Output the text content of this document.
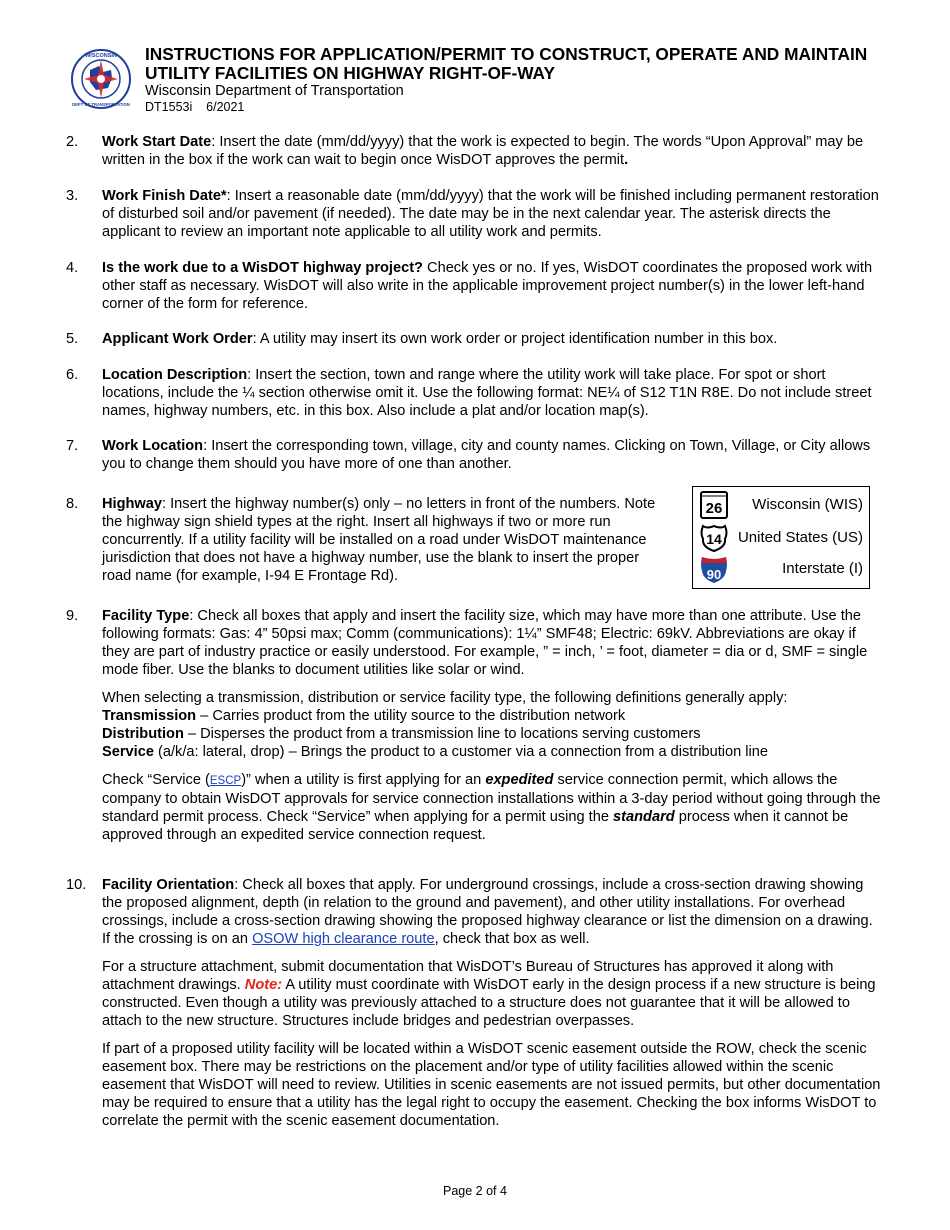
WISCONSIN
DEPT OF TRANSPORTATION
INSTRUCTIONS FOR APPLICATION/PERMIT TO CONSTRUCT, OPERATE AND MAINTAIN
UTILITY FACILITIES ON HIGHWAY RIGHT-OF-WAY
Wisconsin Department of Transportation
DT1553i    6/2021
2. Work Start Date: Insert the date (mm/dd/yyyy) that the work is expected to begin. The words “Upon Approval” may be written in the box if the work can wait to begin once WisDOT approves the permit.

3. Work Finish Date*: Insert a reasonable date (mm/dd/yyyy) that the work will be finished including permanent restoration of disturbed soil and/or pavement (if needed). The date may be in the next calendar year. The asterisk directs the applicant to review an important note applicable to all utility work and permits.

4. Is the work due to a WisDOT highway project? Check yes or no. If yes, WisDOT coordinates the proposed work with other staff as necessary. WisDOT will also write in the applicable improvement project number(s) in the lower left-hand corner of the form for reference.

5. Applicant Work Order: A utility may insert its own work order or project identification number in this box.

6. Location Description: Insert the section, town and range where the utility work will take place. For spot or short locations, include the ¼ section otherwise omit it. Use the following format: NE¼ of S12 T1N R8E. Do not include street names, highway numbers, etc. in this box. Also include a plat and/or location map(s).

7. Work Location: Insert the corresponding town, village, city and county names. Clicking on Town, Village, or City allows you to change them should you have more of one than another.

8. Highway: Insert the highway number(s) only – no letters in front of the numbers. Note the highway sign shield types at the right. Insert all highways if two or more run concurrently. If a utility facility will be installed on a road under WisDOT maintenance jurisdiction that does not have a highway number, use the blank to insert the proper road name (for example, I-94 E Frontage Rd).

26 Wisconsin (WIS)
14 United States (US)
90	Interstate (I)
9. Facility Type: Check all boxes that apply and insert the facility size, which may have more than one attribute. Use the following formats: Gas: 4” 50psi max; Comm (communications): 1¼” SMF48; Electric: 69kV. Abbreviations are okay if they are part of industry practice or easily understood. For example, ” = inch, ’ = foot, diameter = dia or d, SMF = single mode fiber. Use the blanks to document utilities like solar or wind.

When selecting a transmission, distribution or service facility type, the following definitions generally apply:

Transmission – Carries product from the utility source to the distribution network

Distribution – Disperses the product from a transmission line to locations serving customers

Service (a/k/a: lateral, drop) – Brings the product to a customer via a connection from a distribution line

Check “Service (ESCP)” when a utility is first applying for an expedited service connection permit, which allows the company to obtain WisDOT approvals for service connection installations within a 3-day period without going through the standard permit process. Check “Service” when applying for a permit using the standard process when it cannot be approved through an expedited service connection request.

10. Facility Orientation: Check all boxes that apply. For underground crossings, include a cross-section drawing showing the proposed alignment, depth (in relation to the ground and pavement), and other utility installations. For overhead crossings, include a cross-section drawing showing the proposed highway clearance or list the dimension on a drawing. If the crossing is on an OSOW high clearance route, check that box as well.

For a structure attachment, submit documentation that WisDOT’s Bureau of Structures has approved it along with attachment drawings. Note: A utility must coordinate with WisDOT early in the design process if a new structure is being constructed. Even though a utility was previously attached to a structure does not guarantee that it will be allowed to attach to the new structure. Structures include bridges and pedestrian overpasses.

If part of a proposed utility facility will be located within a WisDOT scenic easement outside the ROW, check the scenic easement box. There may be restrictions on the placement and/or type of utility facilities allowed within the scenic easement that WisDOT will need to review. Utilities in scenic easements are not issued permits, but other documentation may be required to ensure that a utility has the legal right to occupy the easement. Checking the box informs WisDOT to correlate the permit with the scenic easement documentation.

Page 2 of 4
